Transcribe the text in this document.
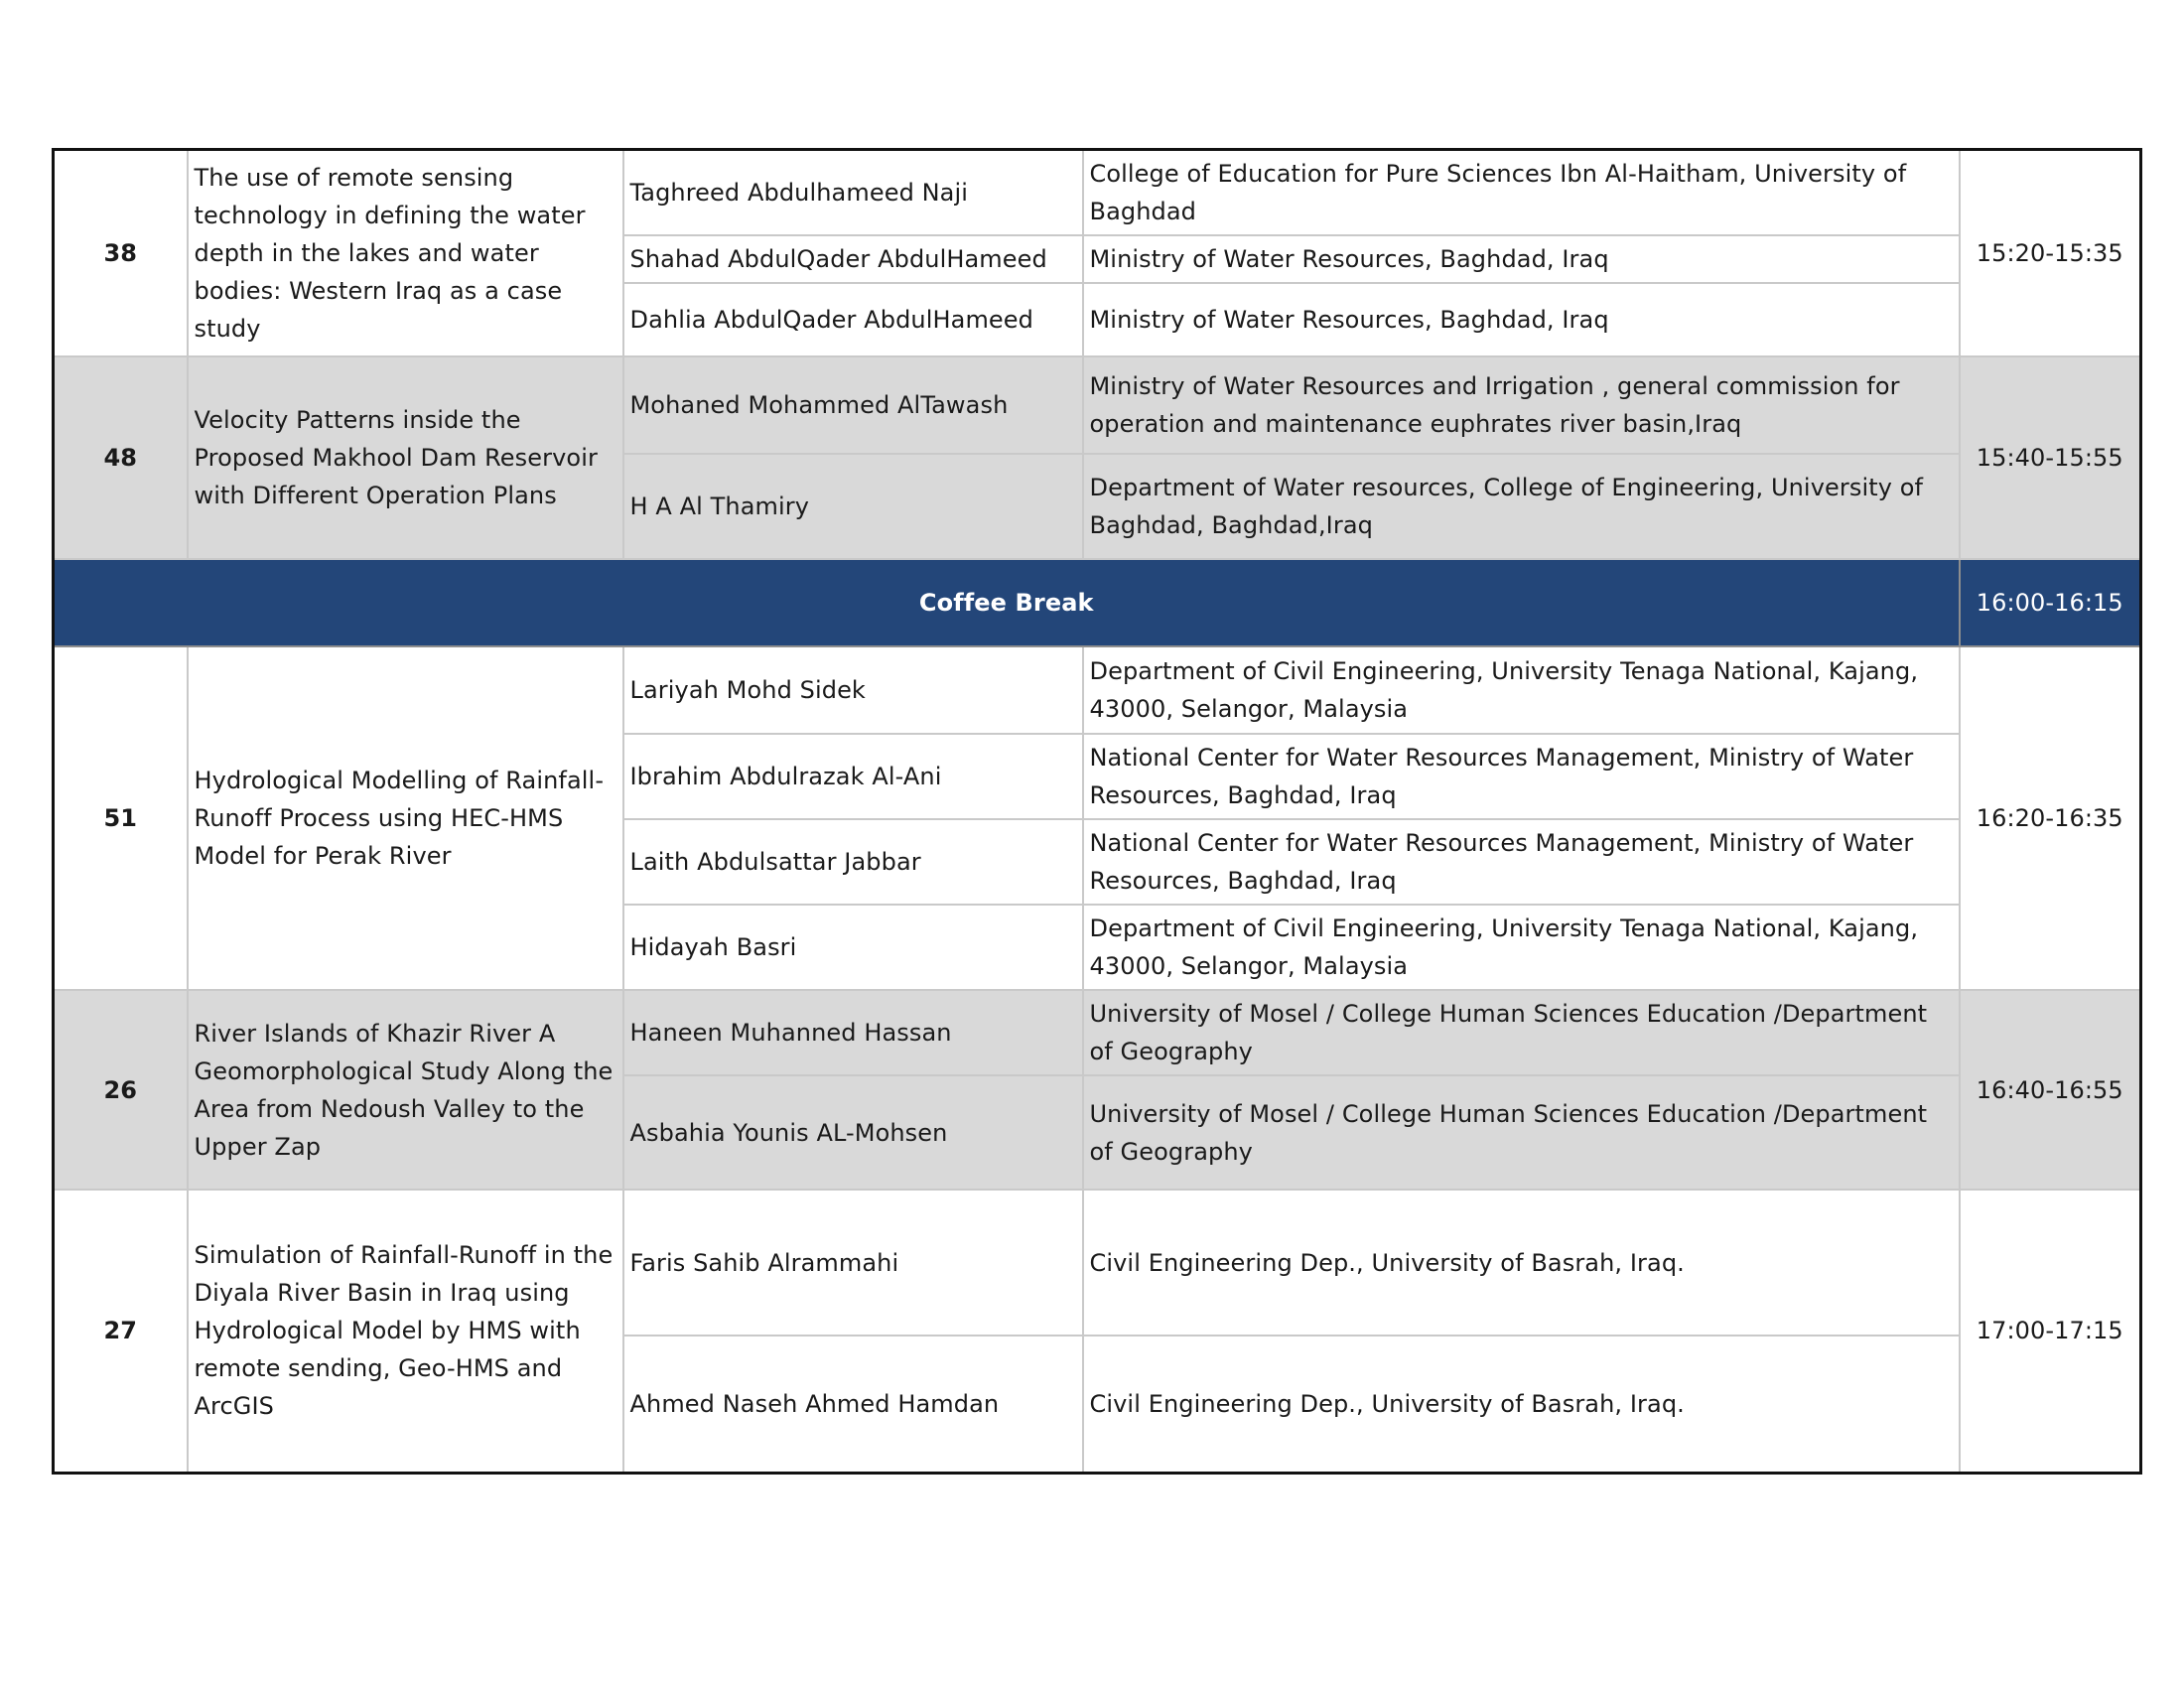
38	The use of remote sensing technology in defining the water depth in the lakes and water bodies: Western Iraq as a case study	Taghreed Abdulhameed Naji	College of Education for Pure Sciences Ibn Al-Haitham, University of Baghdad	15:20-15:35
		Shahad AbdulQader AbdulHameed	Ministry of Water Resources, Baghdad, Iraq	
		Dahlia AbdulQader AbdulHameed	Ministry of Water Resources, Baghdad, Iraq	
48	Velocity Patterns inside the Proposed Makhool Dam Reservoir with Different Operation Plans	Mohaned Mohammed AlTawash	Ministry of Water Resources and Irrigation , general commission for operation and maintenance euphrates river basin,Iraq	15:40-15:55
		H A Al Thamiry	Department of Water resources, College of Engineering, University of Baghdad, Baghdad,Iraq	
Coffee Break				16:00-16:15
51	Hydrological Modelling of Rainfall-Runoff Process using HEC-HMS Model for Perak River	Lariyah Mohd Sidek	Department of Civil Engineering, University Tenaga National, Kajang, 43000, Selangor, Malaysia	16:20-16:35
		Ibrahim Abdulrazak Al-Ani	National Center for Water Resources Management, Ministry of Water Resources, Baghdad, Iraq	
		Laith Abdulsattar Jabbar	National Center for Water Resources Management, Ministry of Water Resources, Baghdad, Iraq	
		Hidayah Basri	Department of Civil Engineering, University Tenaga National, Kajang, 43000, Selangor, Malaysia	
26	River Islands of Khazir River A Geomorphological Study Along the Area from Nedoush Valley to the Upper Zap	Haneen Muhanned Hassan	University of Mosel / College Human Sciences Education /Department of Geography	16:40-16:55
		Asbahia Younis AL-Mohsen	University of Mosel / College Human Sciences Education /Department of Geography	
27	Simulation of Rainfall-Runoff in the Diyala River Basin in Iraq using Hydrological Model by HMS with remote sending, Geo-HMS and ArcGIS	Faris Sahib Alrammahi	Civil Engineering Dep., University of Basrah, Iraq.	17:00-17:15
		Ahmed Naseh Ahmed Hamdan	Civil Engineering Dep., University of Basrah, Iraq.	
